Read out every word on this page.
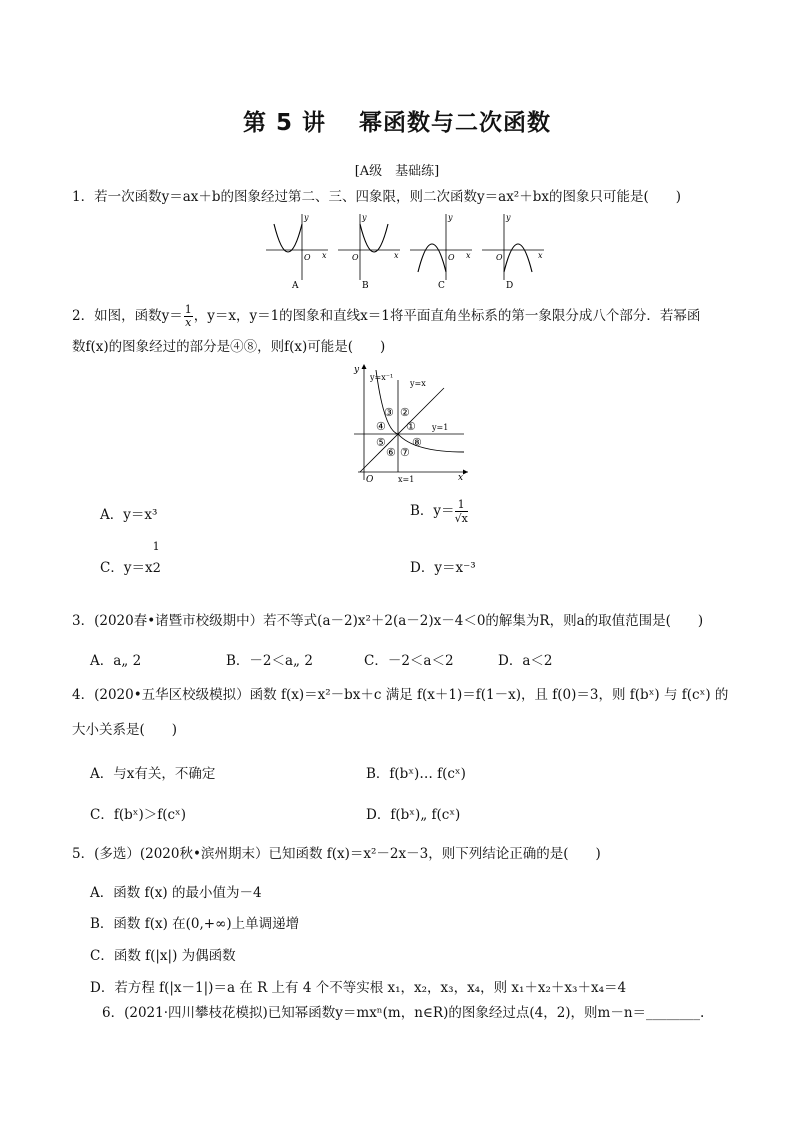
第 5 讲　 幂函数与二次函数
[A级　基础练]
1．若一次函数y＝ax＋b的图象经过第二、三、四象限，则二次函数y＝ax²＋bx的图象只可能是(　　)
y
x
O
A
y
x
O
B
y
x
O
C
y
x
O
D
2．如图，函数$y= \frac{1}{x}$ ，y＝x，y＝1的图象和直线x＝1将平面直角坐标系的第一象限分成八个部分．若幂函
数f(x)的图象经过的部分是④⑧，则f(x)可能是(　　)
y=x⁻¹
y=x
y=1
x=1	x
y
O
①
②
③
④
⑤
⑥ ⑦
⑧
A．y＝x³	B．$y= \frac{1}{√x}$
C．y＝x
1
2	D．y＝x⁻³
3．(2020春•诸暨市校级期中）若不等式(a－2)x²＋2(a－2)x－4＜0的解集为R，则a的取值范围是(　　)
A．a„ 2	B．－2＜a„ 2	C．－2＜a＜2	D．a＜2
4．(2020•五华区校级模拟）函数 f(x)＝x²－bx＋c 满足 f(x＋1)＝f(1－x)，且 f(0)＝3，则 f(bˣ) 与 f(cˣ) 的
大小关系是(　　)
A．与x有关，不确定	B．f(bˣ)… f(cˣ)
C．f(bˣ)＞f(cˣ)	D．f(bˣ)„ f(cˣ)
5．(多选）(2020秋•滨州期末）已知函数 f(x)＝x²－2x－3，则下列结论正确的是(　　)
A．函数 f(x) 的最小值为－4
B．函数 f(x) 在(0,+∞)上单调递增
C．函数 f(|x|) 为偶函数
D．若方程 f(|x－1|)＝a 在 R 上有 4 个不等实根 x₁，x₂，x₃，x₄，则 x₁＋x₂＋x₃＋x₄＝4
6．(2021·四川攀枝花模拟)已知幂函数y＝mxⁿ(m，n∈R)的图象经过点(4，2)，则m－n＝________.
